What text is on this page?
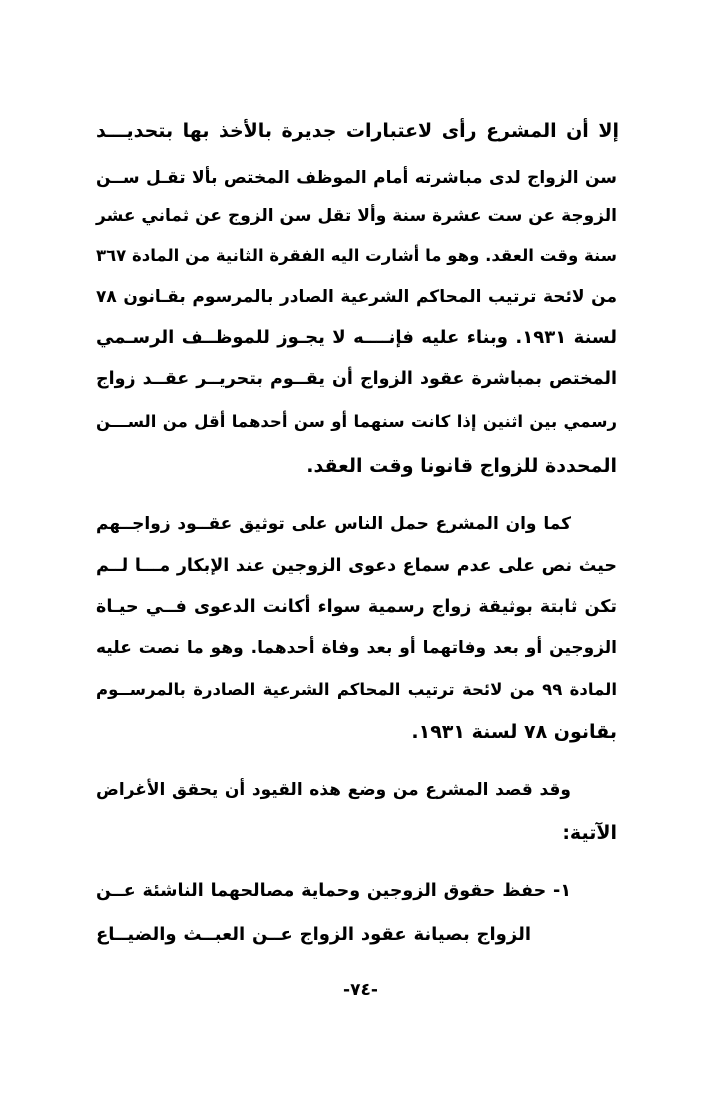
إلا أن المشرع رأى لاعتبارات جديرة بالأخذ بها بتحديـــد
سن الزواج لدى مباشرته أمام الموظف المختص بألا تقـل ســن
الزوجة عن ست عشرة سنة وألا تقل سن الزوج عن ثماني عشر
سنة وقت العقد. وهو ما أشارت اليه الفقرة الثانية من المادة ٣٦٧
من لائحة ترتيب المحاكم الشرعية الصادر بالمرسوم بقـانون ٧٨
لسنة ١٩٣١. وبناء عليه فإنــــه لا يجـوز للموظــف الرسـمي
المختص بمباشرة عقود الزواج أن يقــوم بتحريــر عقــد زواج
رسمي بين اثنين إذا كانت سنهما أو سن أحدهما أقل من الســـن
المحددة للزواج قانونا وقت العقد.
كما وان المشرع حمل الناس على توثيق عقــود زواجــهم
حيث نص على عدم سماع دعوى الزوجين عند الإبكار مـــا لــم
تكن ثابتة بوثيقة زواج رسمية سواء أكانت الدعوى فــي حيـاة
الزوجين أو بعد وفاتهما أو بعد وفاة أحدهما. وهو ما نصت عليه
المادة ٩٩ من لائحة ترتيب المحاكم الشرعية الصادرة بالمرســوم
بقانون ٧٨ لسنة ١٩٣١.
وقد قصد المشرع من وضع هذه القيود أن يحقق الأغراض
الآتية:
١- حفظ حقوق الزوجين وحماية مصالحهما الناشئة عــن
الزواج بصيانة عقود الزواج عــن العبــث والضيــاع
-٧٤-
